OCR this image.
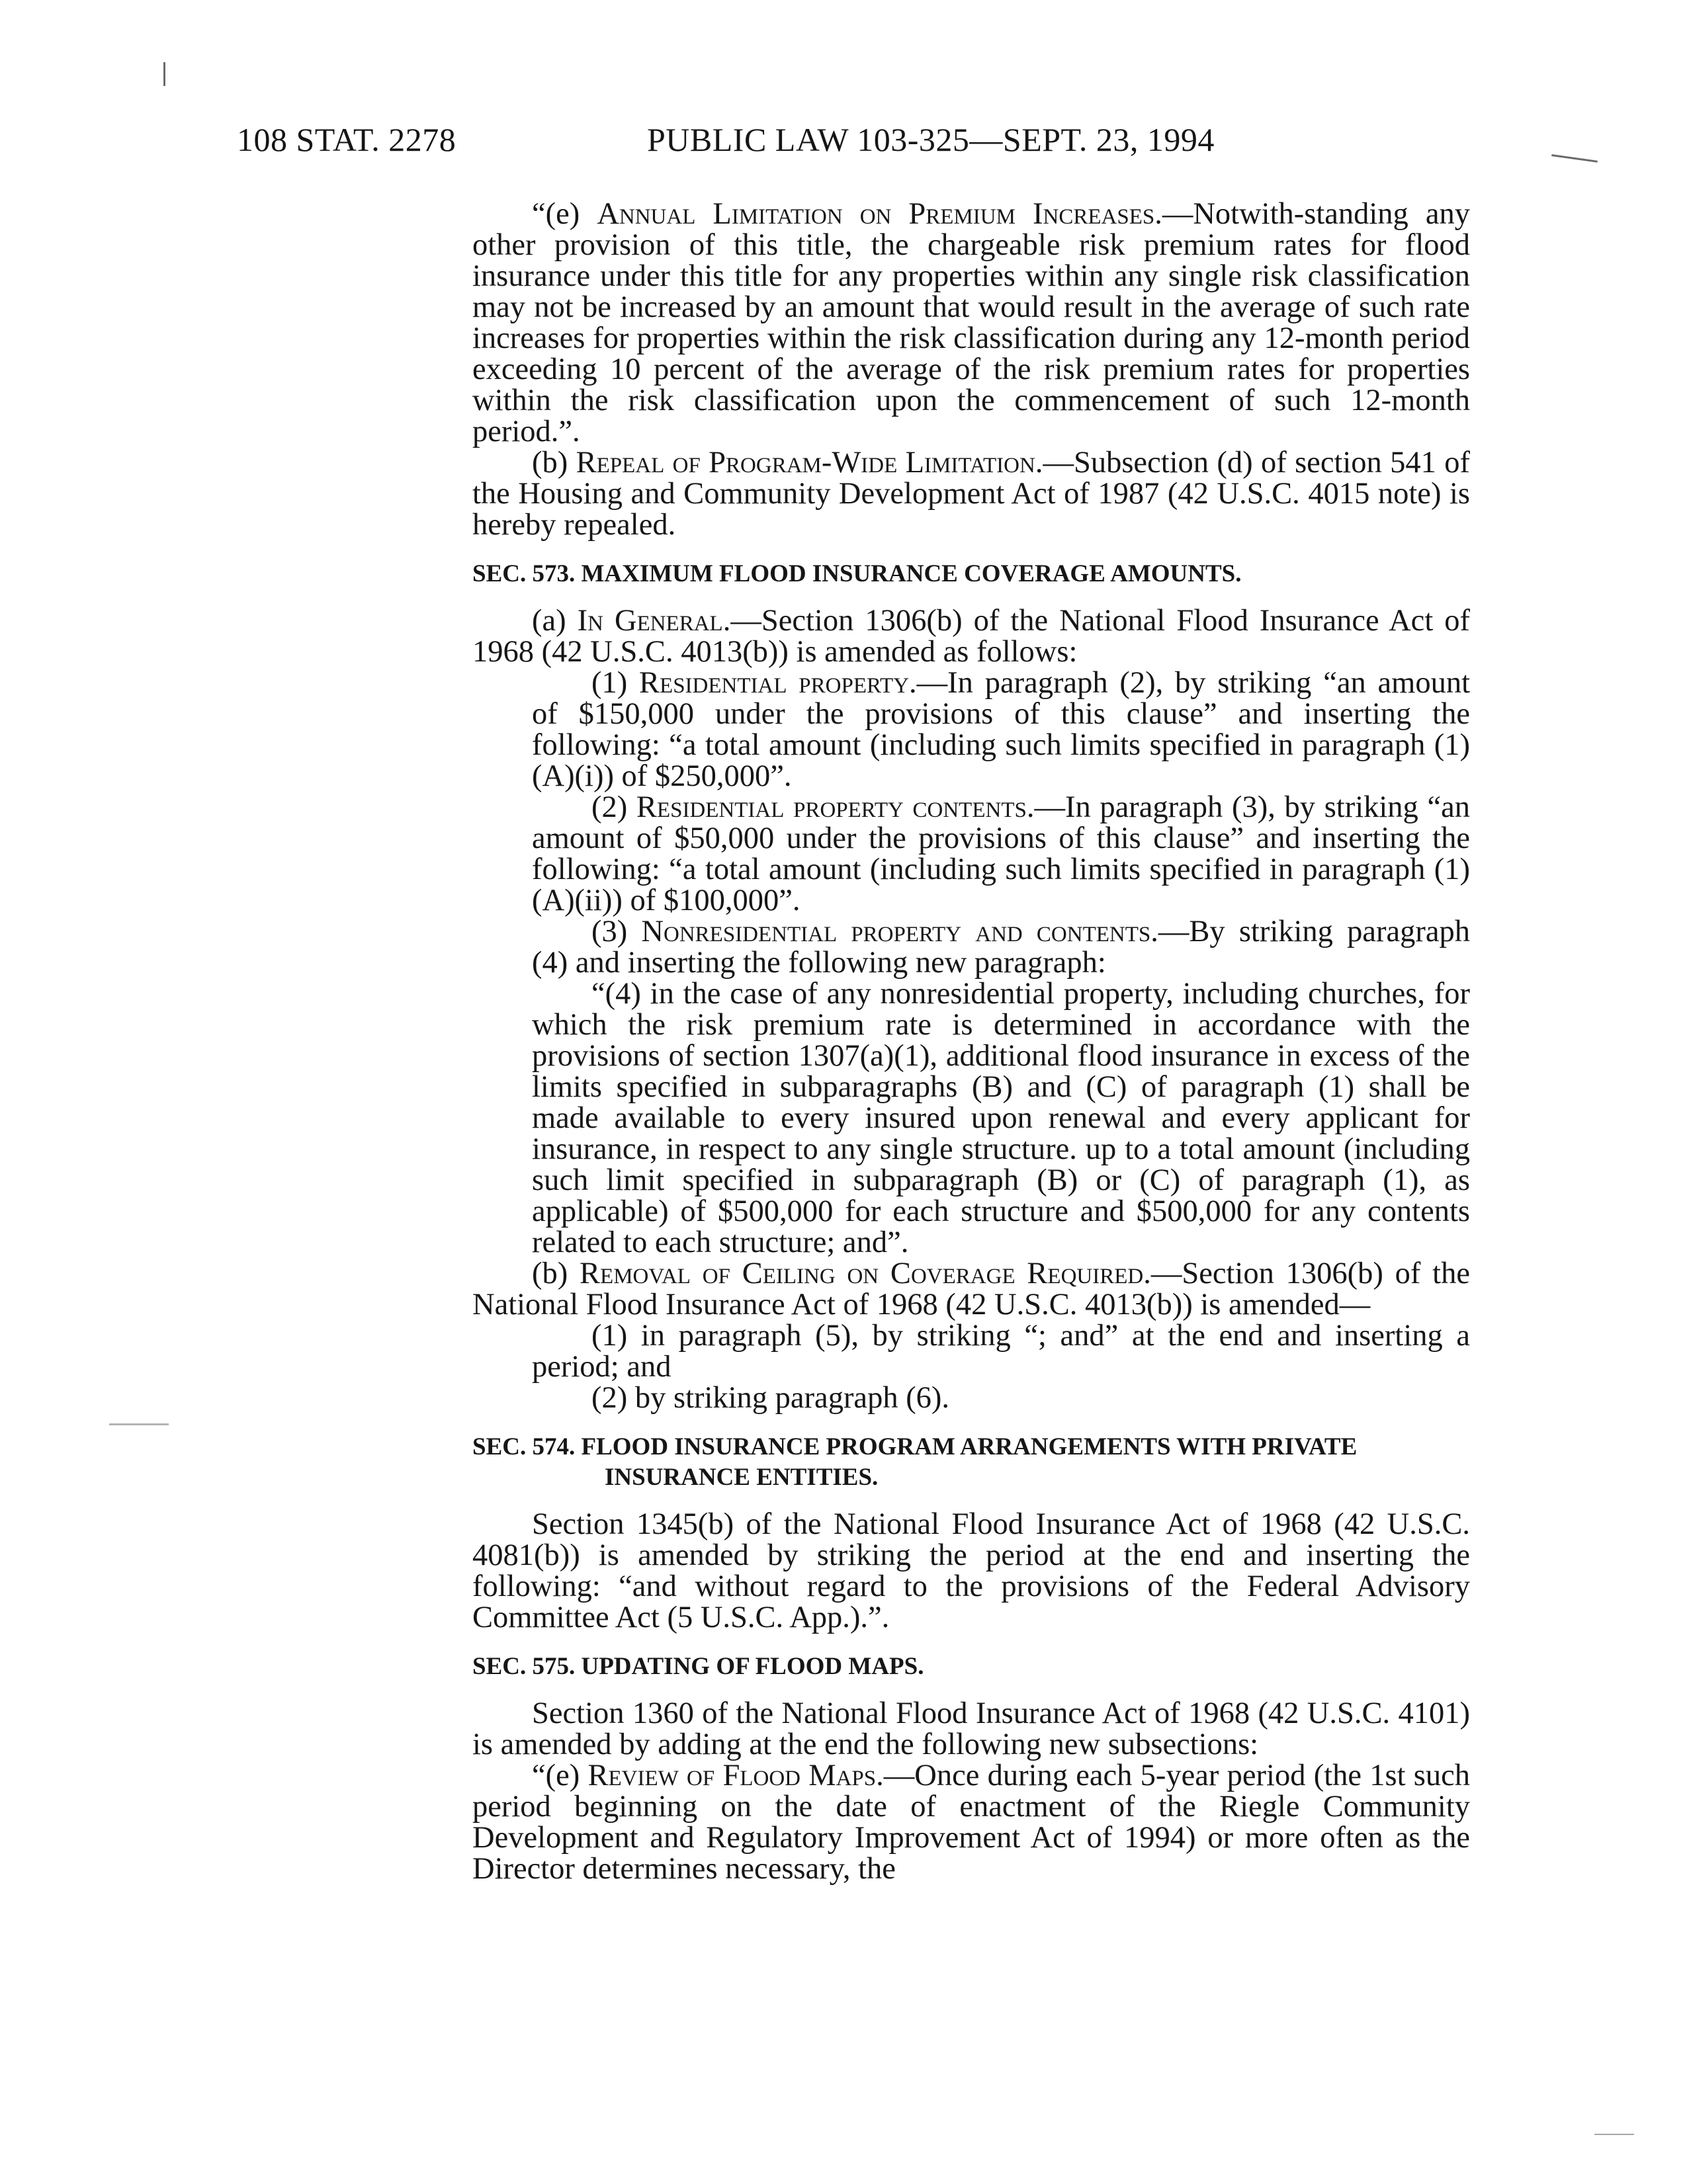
108 STAT. 2278	PUBLIC LAW 103-325—SEPT. 23, 1994

“(e) Annual Limitation on Premium Increases.—Notwith-standing any other provision of this title, the chargeable risk premium rates for flood insurance under this title for any properties within any single risk classification may not be increased by an amount that would result in the average of such rate increases for properties within the risk classification during any 12-month period exceeding 10 percent of the average of the risk premium rates for properties within the risk classification upon the commencement of such 12-month period.”.

(b) Repeal of Program-Wide Limitation.—Subsection (d) of section 541 of the Housing and Community Development Act of 1987 (42 U.S.C. 4015 note) is hereby repealed.

SEC. 573. MAXIMUM FLOOD INSURANCE COVERAGE AMOUNTS.

(a) In General.—Section 1306(b) of the National Flood Insurance Act of 1968 (42 U.S.C. 4013(b)) is amended as follows:

(1) Residential property.—In paragraph (2), by striking “an amount of $150,000 under the provisions of this clause” and inserting the following: “a total amount (including such limits specified in paragraph (1)(A)(i)) of $250,000”.

(2) Residential property contents.—In paragraph (3), by striking “an amount of $50,000 under the provisions of this clause” and inserting the following: “a total amount (including such limits specified in paragraph (1)(A)(ii)) of $100,000”.

(3) Nonresidential property and contents.—By striking paragraph (4) and inserting the following new paragraph:

“(4) in the case of any nonresidential property, including churches, for which the risk premium rate is determined in accordance with the provisions of section 1307(a)(1), additional flood insurance in excess of the limits specified in subparagraphs (B) and (C) of paragraph (1) shall be made available to every insured upon renewal and every applicant for insurance, in respect to any single structure. up to a total amount (including such limit specified in subparagraph (B) or (C) of paragraph (1), as applicable) of $500,000 for each structure and $500,000 for any contents related to each structure; and”.

(b) Removal of Ceiling on Coverage Required.—Section 1306(b) of the National Flood Insurance Act of 1968 (42 U.S.C. 4013(b)) is amended—

(1) in paragraph (5), by striking “; and” at the end and inserting a period; and

(2) by striking paragraph (6).

SEC. 574. FLOOD INSURANCE PROGRAM ARRANGEMENTS WITH PRIVATE INSURANCE ENTITIES.

Section 1345(b) of the National Flood Insurance Act of 1968 (42 U.S.C. 4081(b)) is amended by striking the period at the end and inserting the following: “and without regard to the provisions of the Federal Advisory Committee Act (5 U.S.C. App.).”.

SEC. 575. UPDATING OF FLOOD MAPS.

Section 1360 of the National Flood Insurance Act of 1968 (42 U.S.C. 4101) is amended by adding at the end the following new subsections:

“(e) Review of Flood Maps.—Once during each 5-year period (the 1st such period beginning on the date of enactment of the Riegle Community Development and Regulatory Improvement Act of 1994) or more often as the Director determines necessary, the
